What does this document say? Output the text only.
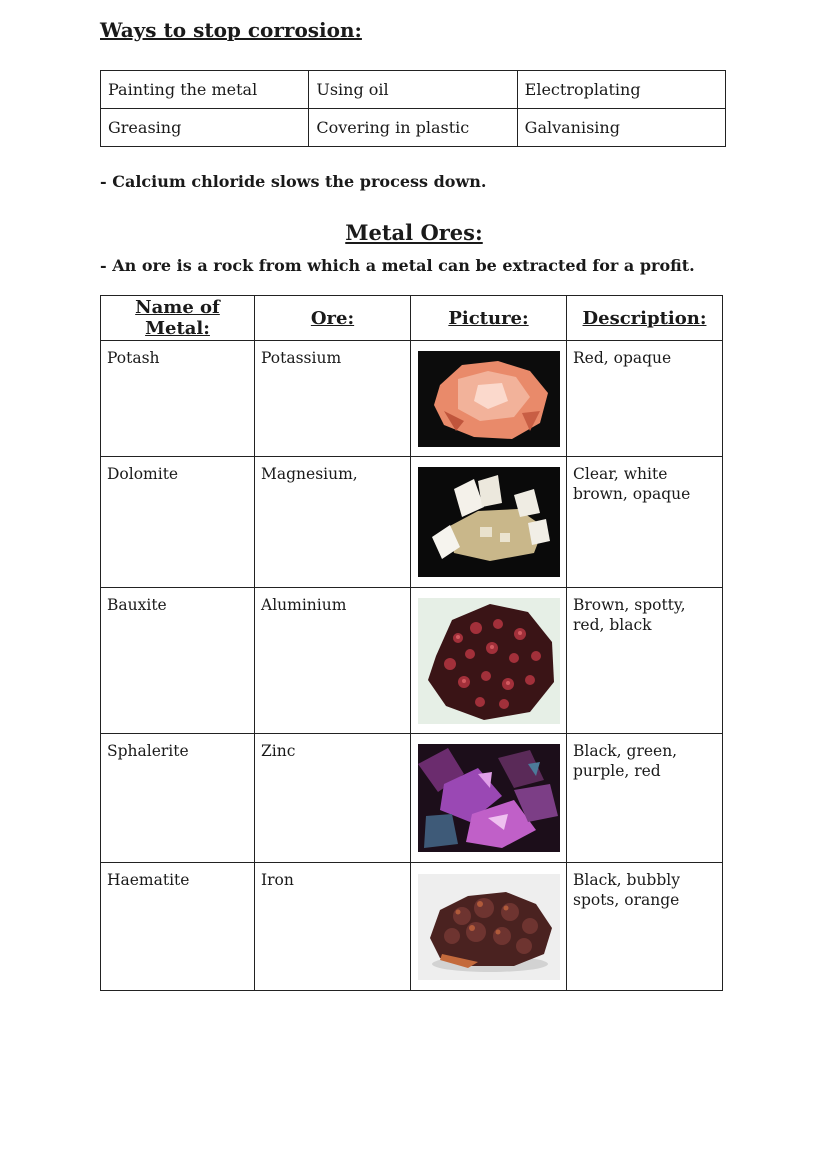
Ways to stop corrosion:
Painting the metal	Using oil	Electroplating
Greasing	Covering in plastic	Galvanising

- Calcium chloride slows the process down.

Metal Ores:

- An ore is a rock from which a metal can be extracted for a profit.

Name of Metal:	Ore:	Picture:	Description:
Potash	Potassium		Red, opaque
Dolomite	Magnesium,		Clear, white brown, opaque
Bauxite	Aluminium		Brown, spotty, red, black
Sphalerite	Zinc		Black, green, purple, red
Haematite	Iron		Black, bubbly spots, orange
